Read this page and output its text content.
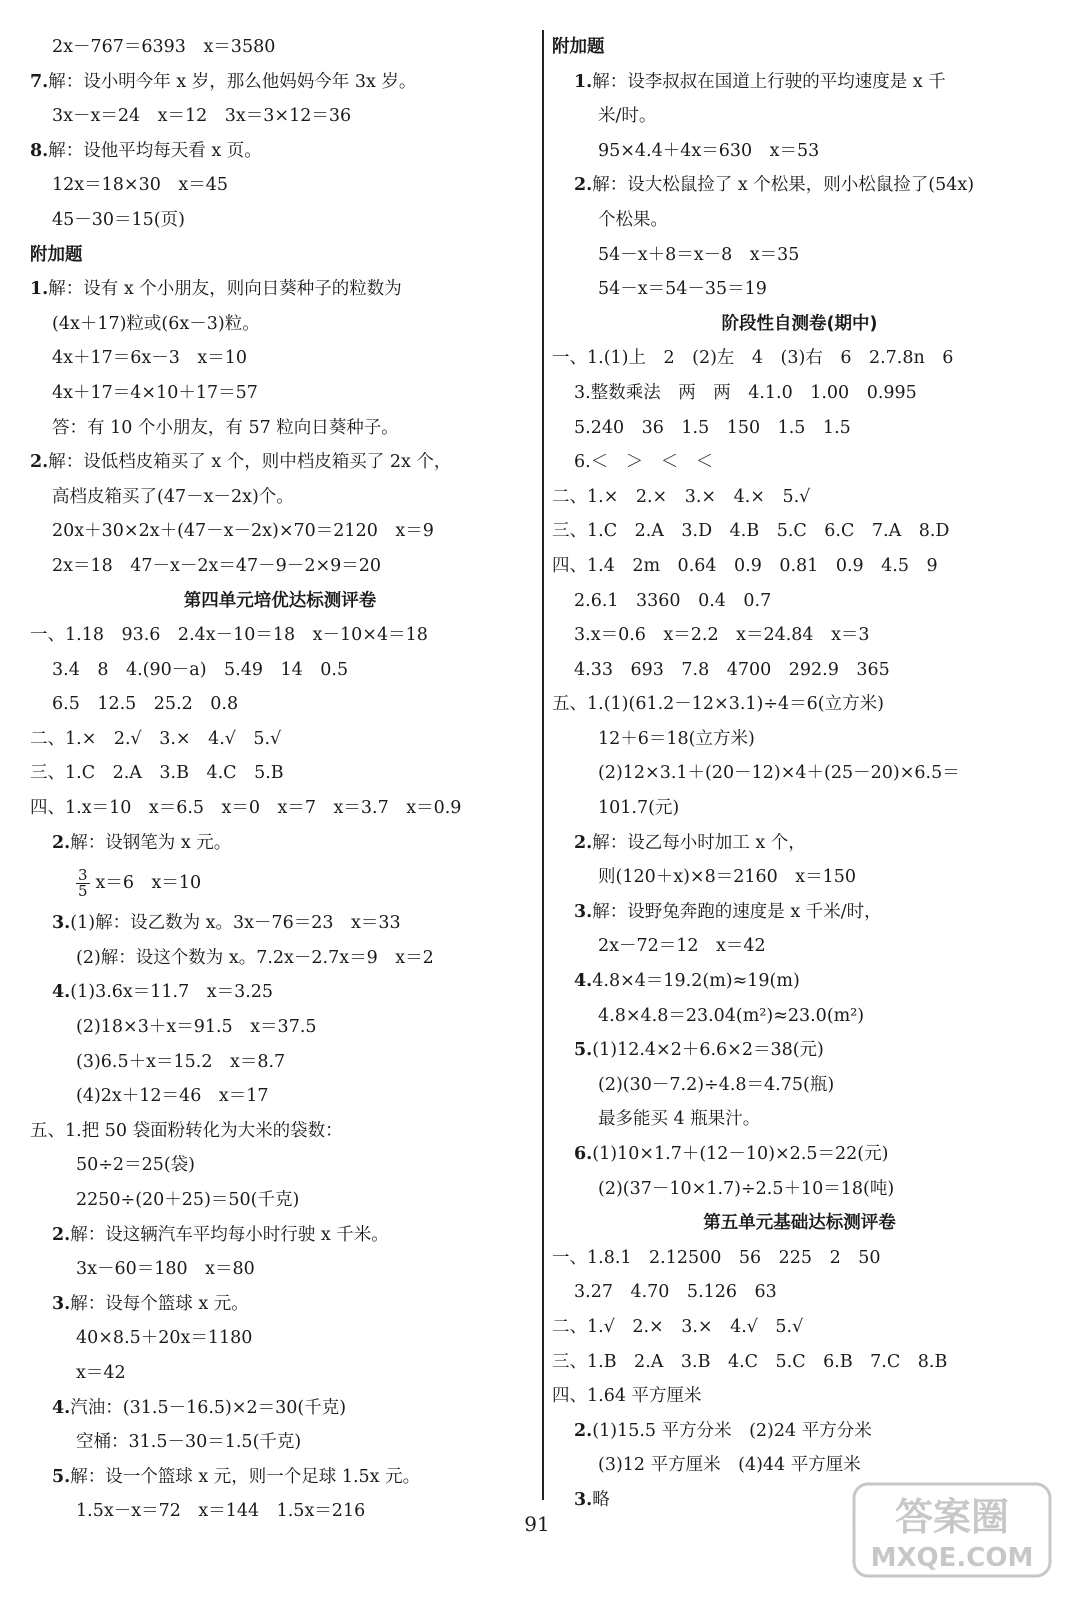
2x－767＝6393　x＝3580
7.解：设小明今年 x 岁，那么他妈妈今年 3x 岁。
3x－x＝24　x＝12　3x＝3×12＝36
8.解：设他平均每天看 x 页。
12x＝18×30　x＝45
45－30＝15(页)
附加题
1.解：设有 x 个小朋友，则向日葵种子的粒数为
(4x＋17)粒或(6x－3)粒。
4x＋17＝6x－3　x＝10
4x＋17＝4×10＋17＝57
答：有 10 个小朋友，有 57 粒向日葵种子。
2.解：设低档皮箱买了 x 个，则中档皮箱买了 2x 个，
高档皮箱买了(47－x－2x)个。
20x＋30×2x＋(47－x－2x)×70＝2120　x＝9
2x＝18　47－x－2x＝47－9－2×9＝20
第四单元培优达标测评卷
一、1.18　93.6　2.4x－10＝18　x－10×4＝18
3.4　8　4.(90－a)　5.49　14　0.5
6.5　12.5　25.2　0.8
二、1.×　2.√　3.×　4.√　5.√
三、1.C　2.A　3.B　4.C　5.B
四、1.x＝10　x＝6.5　x＝0　x＝7　x＝3.7　x＝0.9
2.解：设钢笔为 x 元。
$\frac{3}{5} x=6$　x＝10
3.(1)解：设乙数为 x。3x－76＝23　x＝33
(2)解：设这个数为 x。7.2x－2.7x＝9　x＝2
4.(1)3.6x＝11.7　x＝3.25
(2)18×3＋x＝91.5　x＝37.5
(3)6.5＋x＝15.2　x＝8.7
(4)2x＋12＝46　x＝17
五、1.把 50 袋面粉转化为大米的袋数：
50÷2＝25(袋)
2250÷(20＋25)＝50(千克)
2.解：设这辆汽车平均每小时行驶 x 千米。
3x－60＝180　x＝80
3.解：设每个篮球 x 元。
40×8.5＋20x＝1180
x＝42
4.汽油：(31.5－16.5)×2＝30(千克)
空桶：31.5－30＝1.5(千克)
5.解：设一个篮球 x 元，则一个足球 1.5x 元。
1.5x－x＝72　x＝144　1.5x＝216
附加题
1.解：设李叔叔在国道上行驶的平均速度是 x 千
米/时。
95×4.4＋4x＝630　x＝53
2.解：设大松鼠捡了 x 个松果，则小松鼠捡了(54x)
个松果。
54－x＋8＝x－8　x＝35
54－x＝54－35＝19
阶段性自测卷(期中)
一、1.(1)上　2　(2)左　4　(3)右　6　2.7.8n　6
3.整数乘法　两　两　4.1.0　1.00　0.995
5.240　36　1.5　150　1.5　1.5
6.＜　＞　＜　＜
二、1.×　2.×　3.×　4.×　5.√
三、1.C　2.A　3.D　4.B　5.C　6.C　7.A　8.D
四、1.4　2m　0.64　0.9　0.81　0.9　4.5　9
2.6.1　3360　0.4　0.7
3.x＝0.6　x＝2.2　x＝24.84　x＝3
4.33　693　7.8　4700　292.9　365
五、1.(1)(61.2－12×3.1)÷4＝6(立方米)
12＋6＝18(立方米)
(2)12×3.1＋(20－12)×4＋(25－20)×6.5＝
101.7(元)
2.解：设乙每小时加工 x 个，
则(120＋x)×8＝2160　x＝150
3.解：设野兔奔跑的速度是 x 千米/时，
2x－72＝12　x＝42
4.4.8×4＝19.2(m)≈19(m)
4.8×4.8＝23.04(m²)≈23.0(m²)
5.(1)12.4×2＋6.6×2＝38(元)
(2)(30－7.2)÷4.8＝4.75(瓶)
最多能买 4 瓶果汁。
6.(1)10×1.7＋(12－10)×2.5＝22(元)
(2)(37－10×1.7)÷2.5＋10＝18(吨)
第五单元基础达标测评卷
一、1.8.1　2.12500　56　225　2　50
3.27　4.70　5.126　63
二、1.√　2.×　3.×　4.√　5.√
三、1.B　2.A　3.B　4.C　5.C　6.B　7.C　8.B
四、1.64 平方厘米
2.(1)15.5 平方分米　(2)24 平方分米
(3)12 平方厘米　(4)44 平方厘米
3.略
91	答案圈
MXQE.COM
